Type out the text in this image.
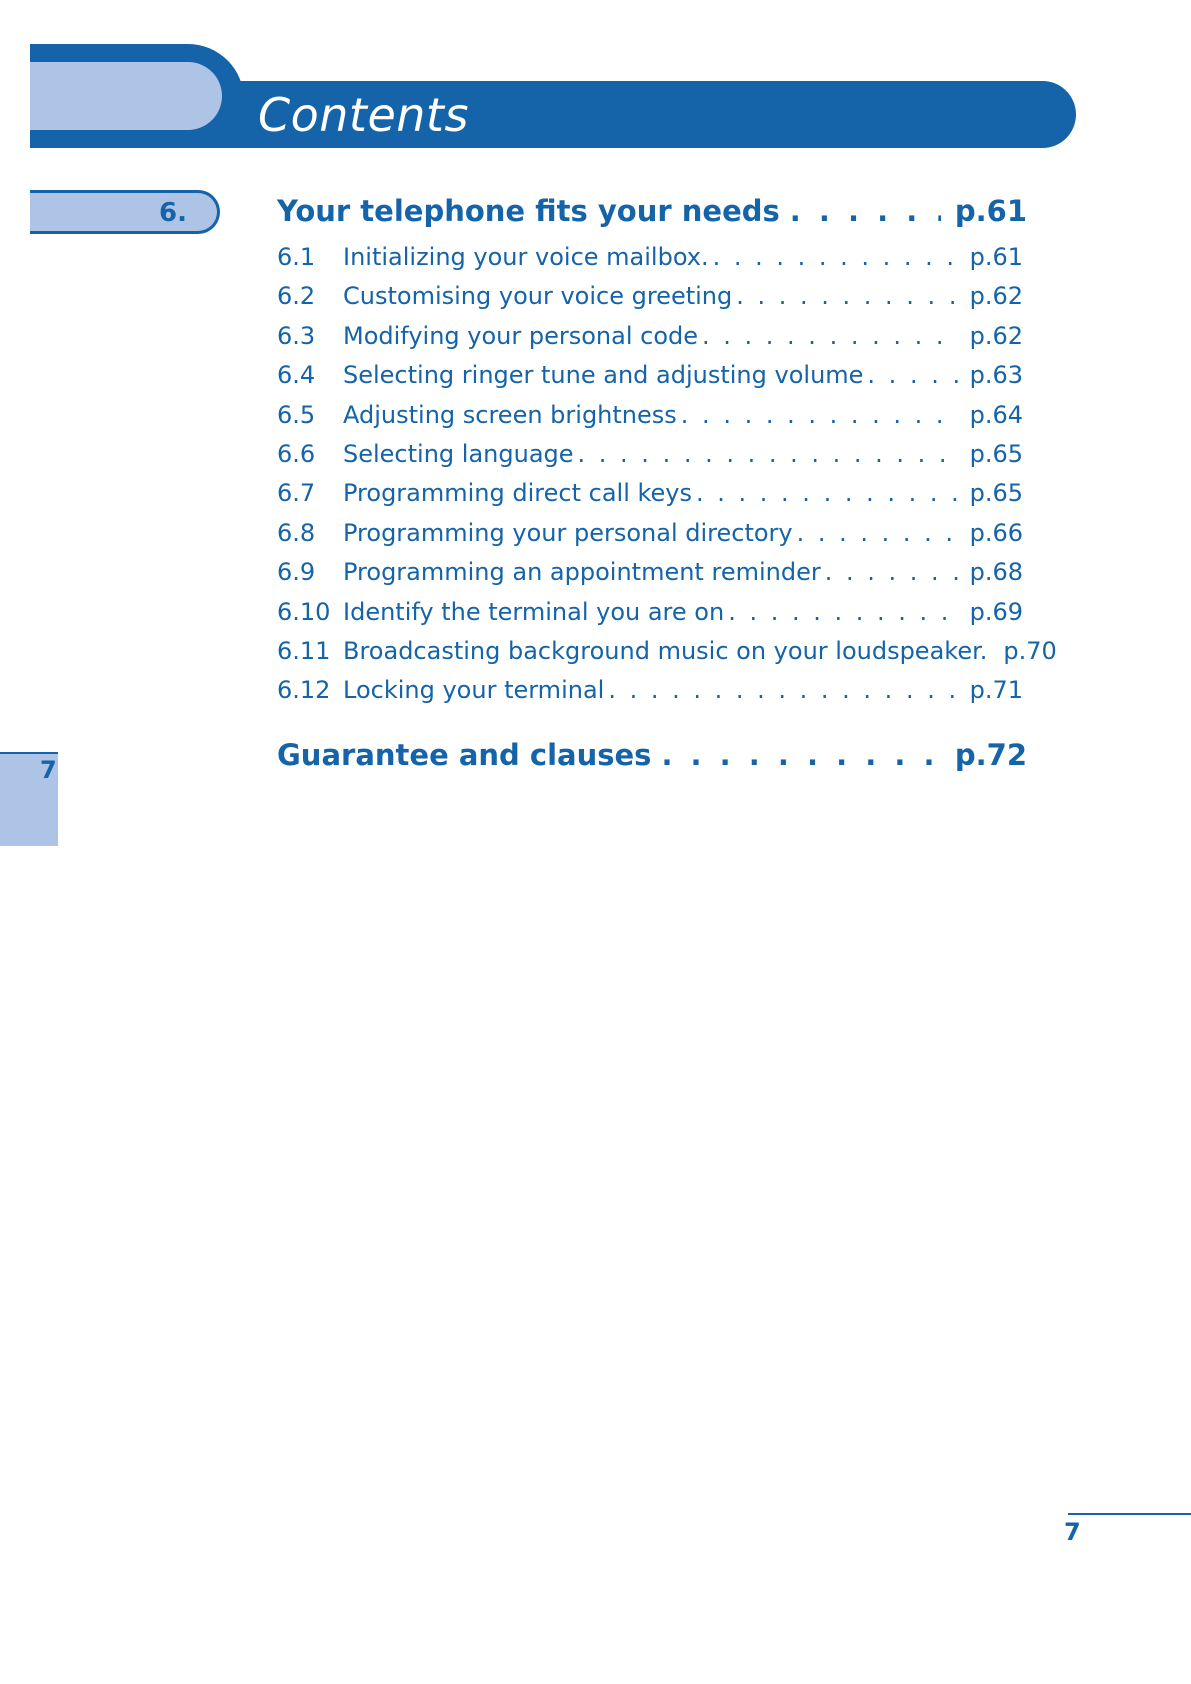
Contents
6.	Your telephone fits your needs . . .	p.61
6.1	Initializing your voice mailbox. . . .	p.61
6.2	Customising your voice greeting . . .	p.62
6.3	Modifying your personal code . . .	p.62
6.4	Selecting ringer tune and adjusting volume . . .	p.63
6.5	Adjusting screen brightness . . .	p.64
6.6	Selecting language . . .	p.65
6.7	Programming direct call keys . . .	p.65
6.8	Programming your personal directory . . .	p.66
6.9	Programming an appointment reminder . . .	p.68
6.10 Identify the terminal you are on . . .	p.69
6.11 Broadcasting background music on your loudspeaker. p.70
6.12 Locking your terminal . . .	p.71
Guarantee and clauses . . .	p.72
7
7
